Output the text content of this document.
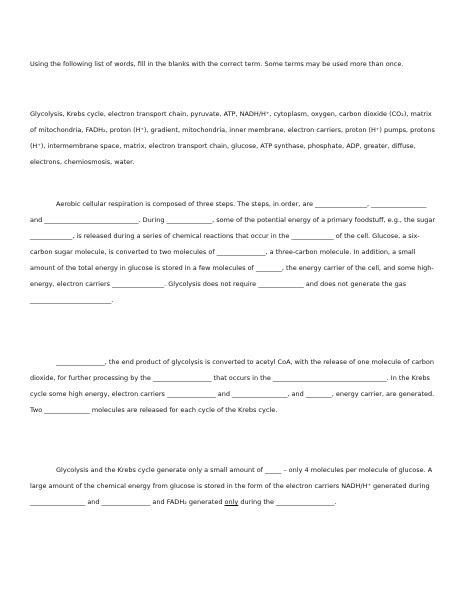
Using the following list of words, fill in the blanks with the correct term. Some terms may be used more than once.

Glycolysis, Krebs cycle, electron transport chain, pyruvate, ATP, NADH/H⁺, cytoplasm, oxygen, carbon dioxide (CO₂), matrix of mitochondria, FADH₂, proton (H⁺), gradient, mitochondria, inner membrane, electron carriers, proton (H⁺) pumps, protons (H⁺), intermembrane space, matrix, electron transport chain, glucose, ATP synthase, phosphate, ADP, greater, diffuse, electrons, chemiosmosis, water.

Aerobic cellular respiration is composed of three steps. The steps, in order, are ________________, _________________ and _____________________________. During ______________, some of the potential energy of a primary foodstuff, e.g., the sugar _____________, is released during a series of chemical reactions that occur in the _____________ of the cell. Glucose, a six-carbon sugar molecule, is converted to two molecules of _______________, a three-carbon molecule. In addition, a small amount of the total energy in glucose is stored in a few molecules of ________, the energy carrier of the cell, and some high-energy, electron carriers ________________. Glycolysis does not require ______________ and does not generate the gas _________________________.

_______________, the end product of glycolysis is converted to acetyl CoA, with the release of one molecule of carbon dioxide, for further processing by the __________________ that occurs in the ___________________________________. In the Krebs cycle some high energy, electron carriers _______________ and _________________, and ________, energy carrier, are generated. Two ______________ molecules are released for each cycle of the Krebs cycle.

Glycolysis and the Krebs cycle generate only a small amount of _____ – only 4 molecules per molecule of glucose. A large amount of the chemical energy from glucose is stored in the form of the electron carriers NADH/H⁺ generated during _________________ and _______________ and FADH₂ generated only during the __________________.
